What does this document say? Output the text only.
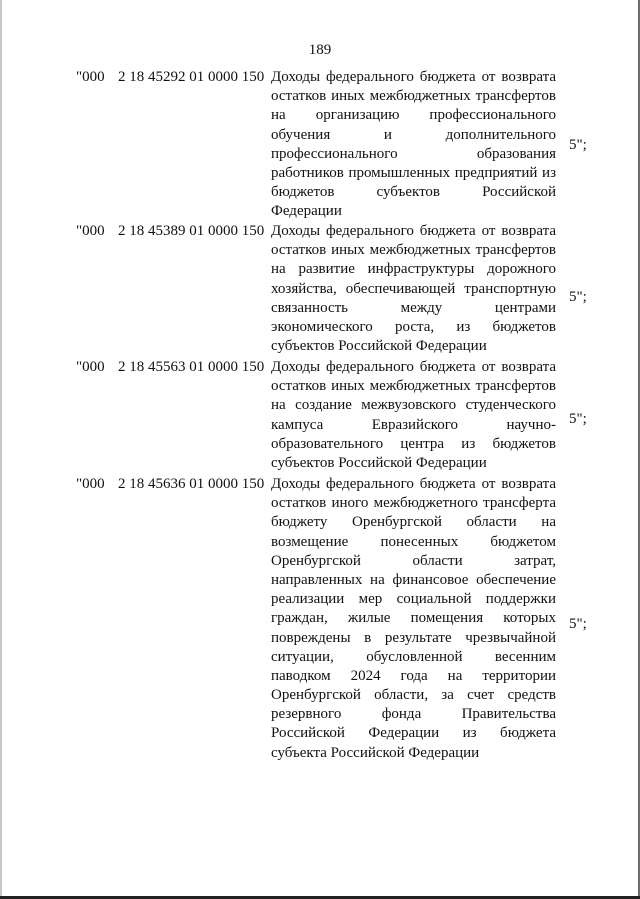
189
"000 2 18 45292 01 0000 150 Доходы федерального бюджета от возврата
остатков иных межбюджетных трансфертов
на организацию профессионального
обучения и дополнительного
профессионального образования
работников промышленных предприятий из
бюджетов субъектов Российской
Федерации
5";
"000 2 18 45389 01 0000 150 Доходы федерального бюджета от возврата
остатков иных межбюджетных трансфертов
на развитие инфраструктуры дорожного
хозяйства, обеспечивающей транспортную
связанность между центрами
экономического роста, из бюджетов
субъектов Российской Федерации
5";
"000 2 18 45563 01 0000 150 Доходы федерального бюджета от возврата
остатков иных межбюджетных трансфертов
на создание межвузовского студенческого
кампуса Евразийского научно-
образовательного центра из бюджетов
субъектов Российской Федерации
5";
"000 2 18 45636 01 0000 150 Доходы федерального бюджета от возврата
остатков иного межбюджетного трансферта
бюджету Оренбургской области на
возмещение понесенных бюджетом
Оренбургской области затрат,
направленных на финансовое обеспечение
реализации мер социальной поддержки
граждан, жилые помещения которых
повреждены в результате чрезвычайной
ситуации, обусловленной весенним
паводком 2024 года на территории
Оренбургской области, за счет средств
резервного фонда Правительства
Российской Федерации из бюджета
субъекта Российской Федерации
5";
